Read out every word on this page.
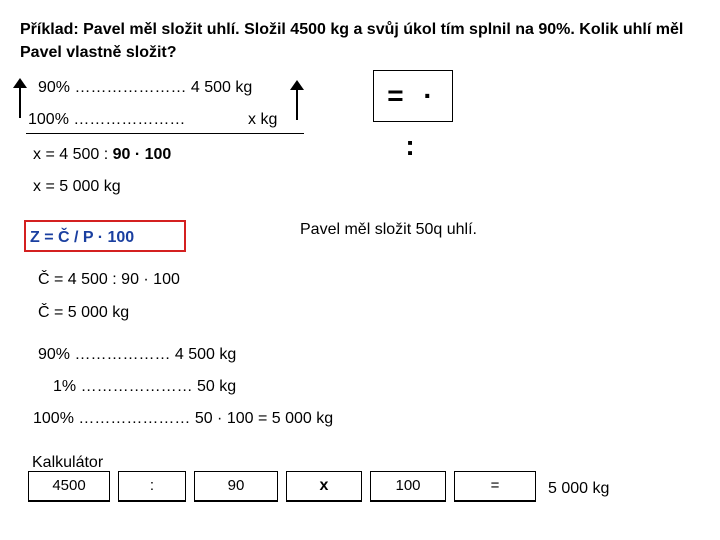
Příklad: Pavel měl složit uhlí. Složil 4500 kg a svůj úkol tím splnil na 90%. Kolik uhlí měl Pavel vlastně složit?
90% ………………… 4 500 kg
100% …………………	x kg
= · :
x = 4 500 : 90 · 100
x = 5 000 kg
Z = Č / P · 100	Pavel měl složit 50q uhlí.
Č = 4 500 : 90 · 100
Č = 5 000 kg
90% ……………… 4 500 kg
1% ………………… 50 kg
100% ………………… 50 · 100 = 5 000 kg
Kalkulátor
4500	:	90	x	100	=	5 000 kg
